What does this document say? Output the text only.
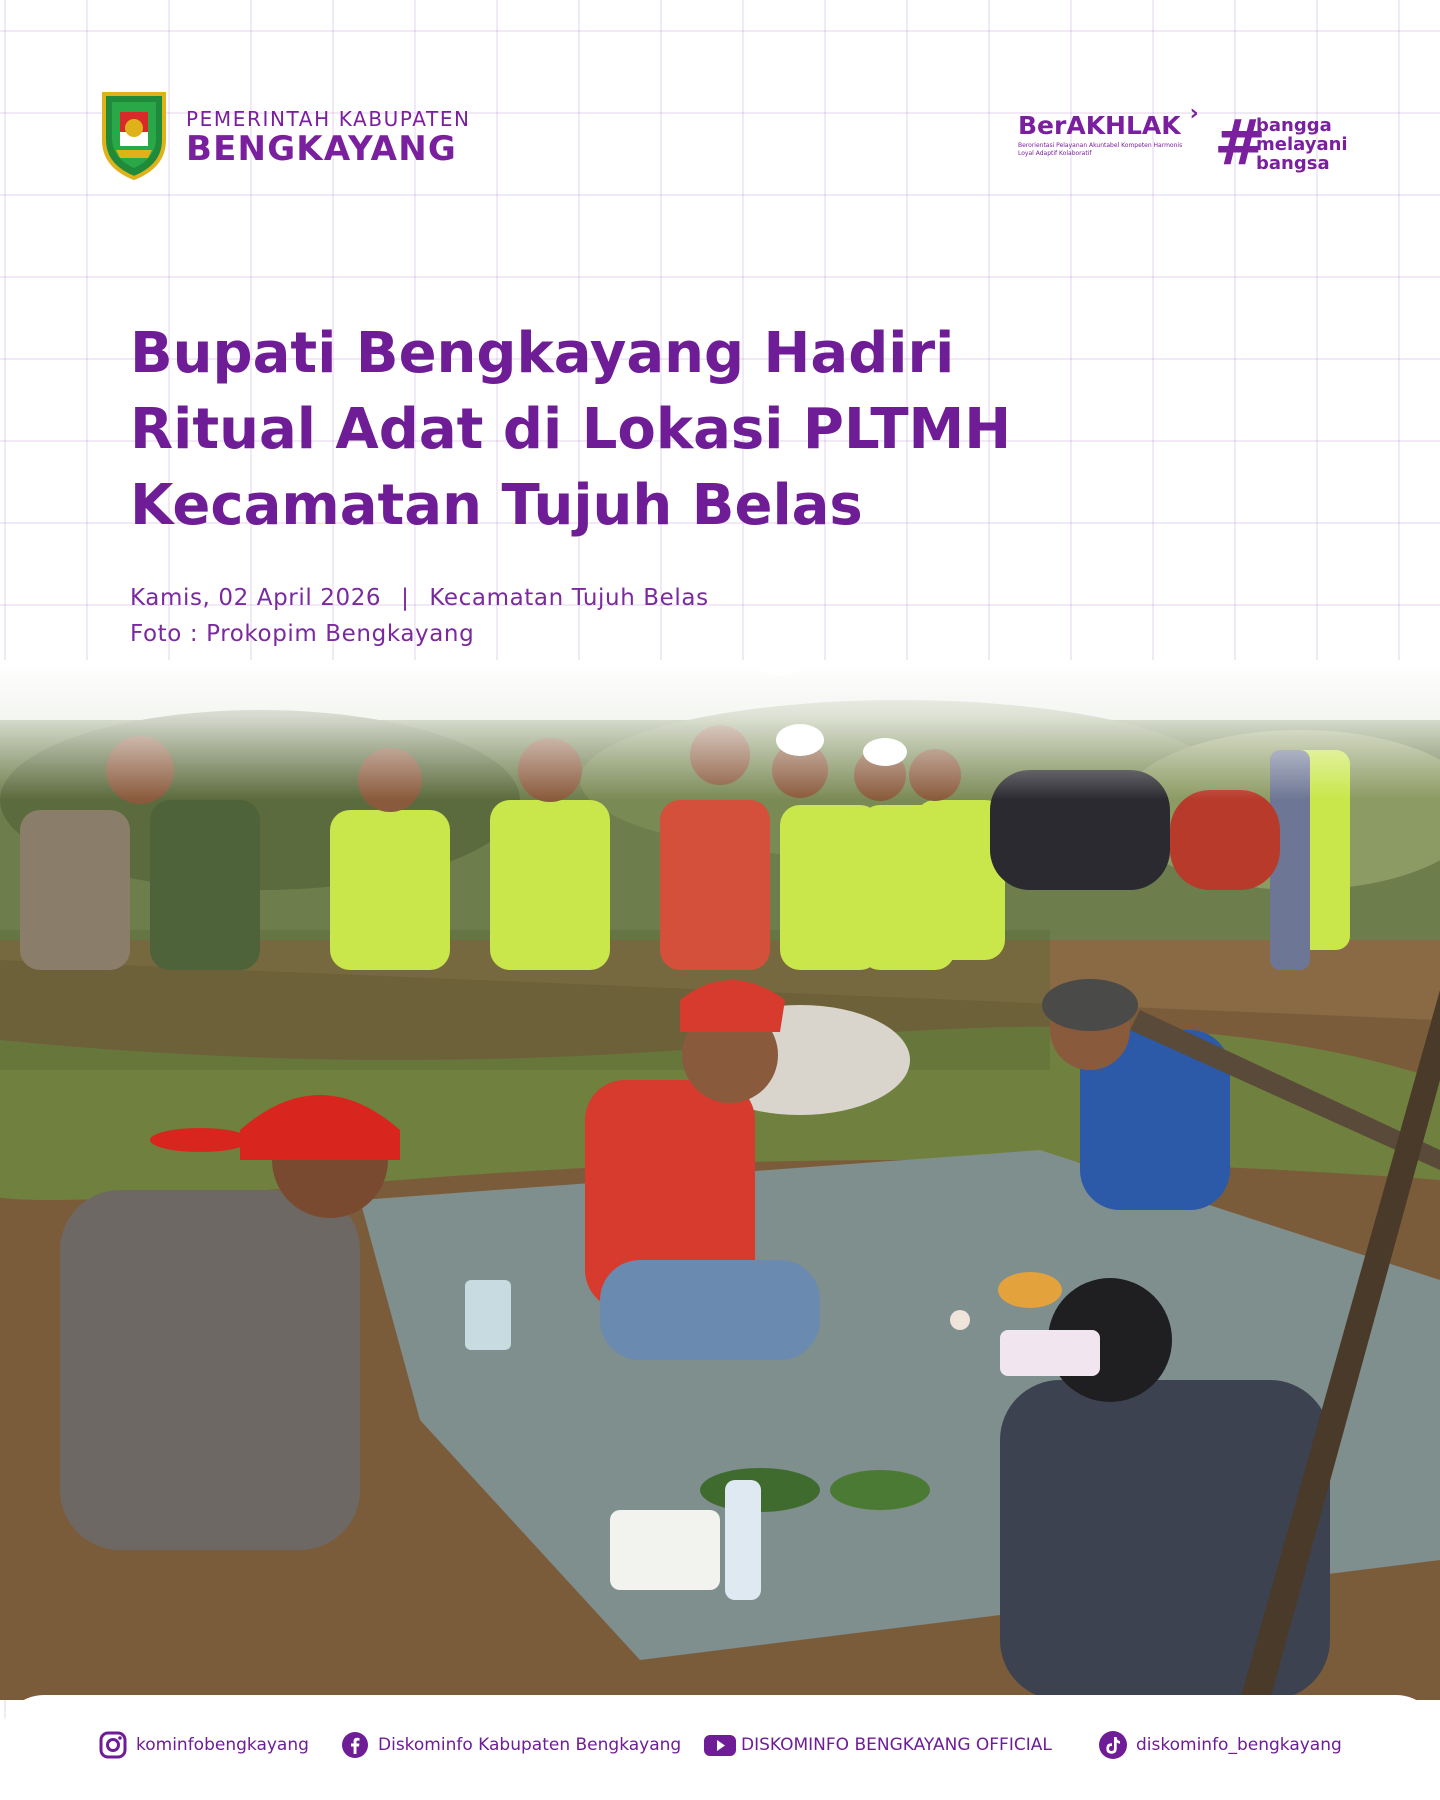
PEMERINTAH KABUPATEN
BENGKAYANG
BerAKHLAK ›
Berorientasi Pelayanan Akuntabel Kompeten Harmonis Loyal Adaptif Kolaboratif	#
bangga
melayani
bangsa
Bupati Bengkayang Hadiri
Ritual Adat di Lokasi PLTMH
Kecamatan Tujuh Belas
Kamis, 02 April 2026 | Kecamatan Tujuh Belas
Foto : Prokopim Bengkayang
kominfobengkayang	Diskominfo Kabupaten Bengkayang	DISKOMINFO BENGKAYANG OFFICIAL	diskominfo_bengkayang
